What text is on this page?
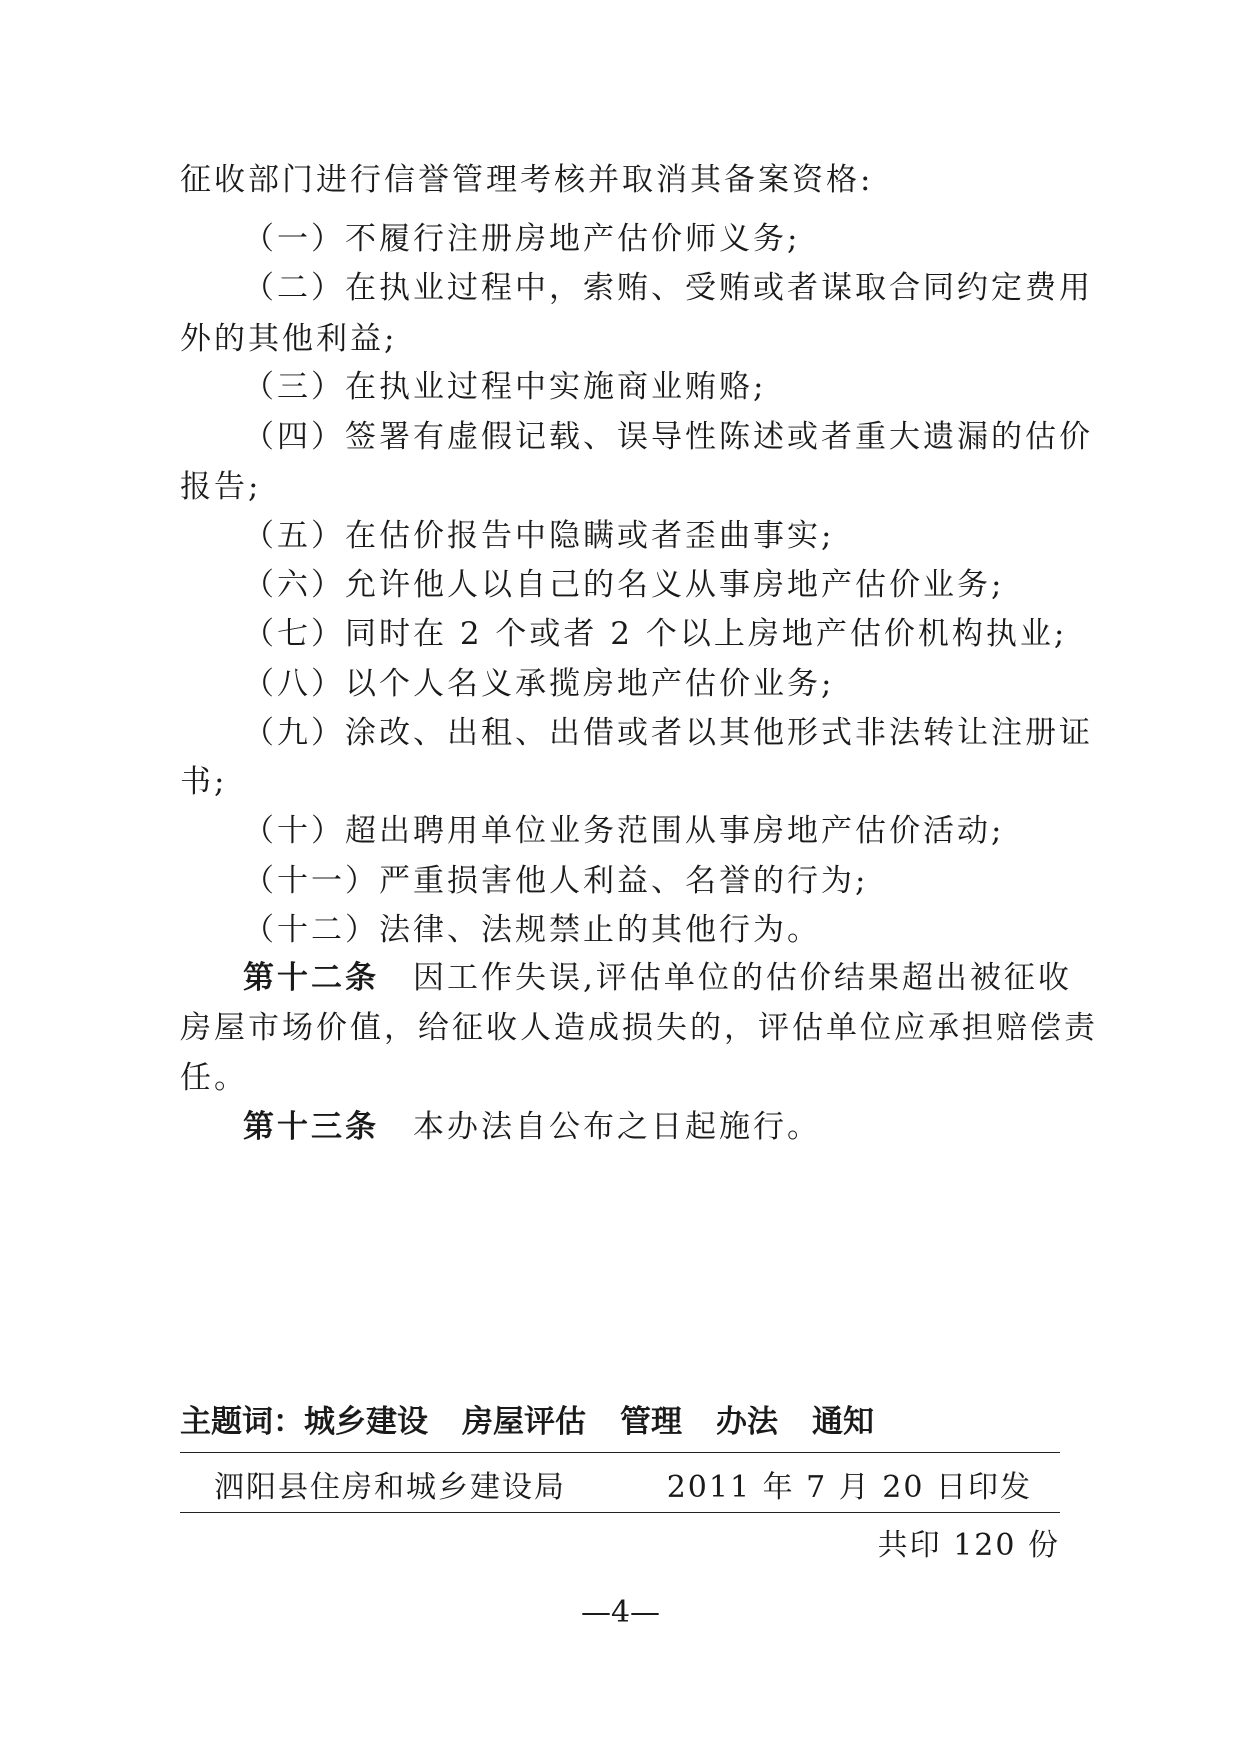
征收部门进行信誉管理考核并取消其备案资格:
（一）不履行注册房地产估价师义务;
（二）在执业过程中，索贿、受贿或者谋取合同约定费用
外的其他利益;
（三）在执业过程中实施商业贿赂;
（四）签署有虚假记载、误导性陈述或者重大遗漏的估价
报告;
（五）在估价报告中隐瞒或者歪曲事实;
（六）允许他人以自己的名义从事房地产估价业务;
（七）同时在 2 个或者 2 个以上房地产估价机构执业;
（八）以个人名义承揽房地产估价业务;
（九）涂改、出租、出借或者以其他形式非法转让注册证
书;
（十）超出聘用单位业务范围从事房地产估价活动;
（十一）严重损害他人利益、名誉的行为;
（十二）法律、法规禁止的其他行为。
第十二条 因工作失误,评估单位的估价结果超出被征收
房屋市场价值，给征收人造成损失的，评估单位应承担赔偿责
任。
第十三条 本办法自公布之日起施行。
主题词：城乡建设 房屋评估 管理 办法 通知
泗阳县住房和城乡建设局	2011 年 7 月 20 日印发
共印 120 份
—4—
